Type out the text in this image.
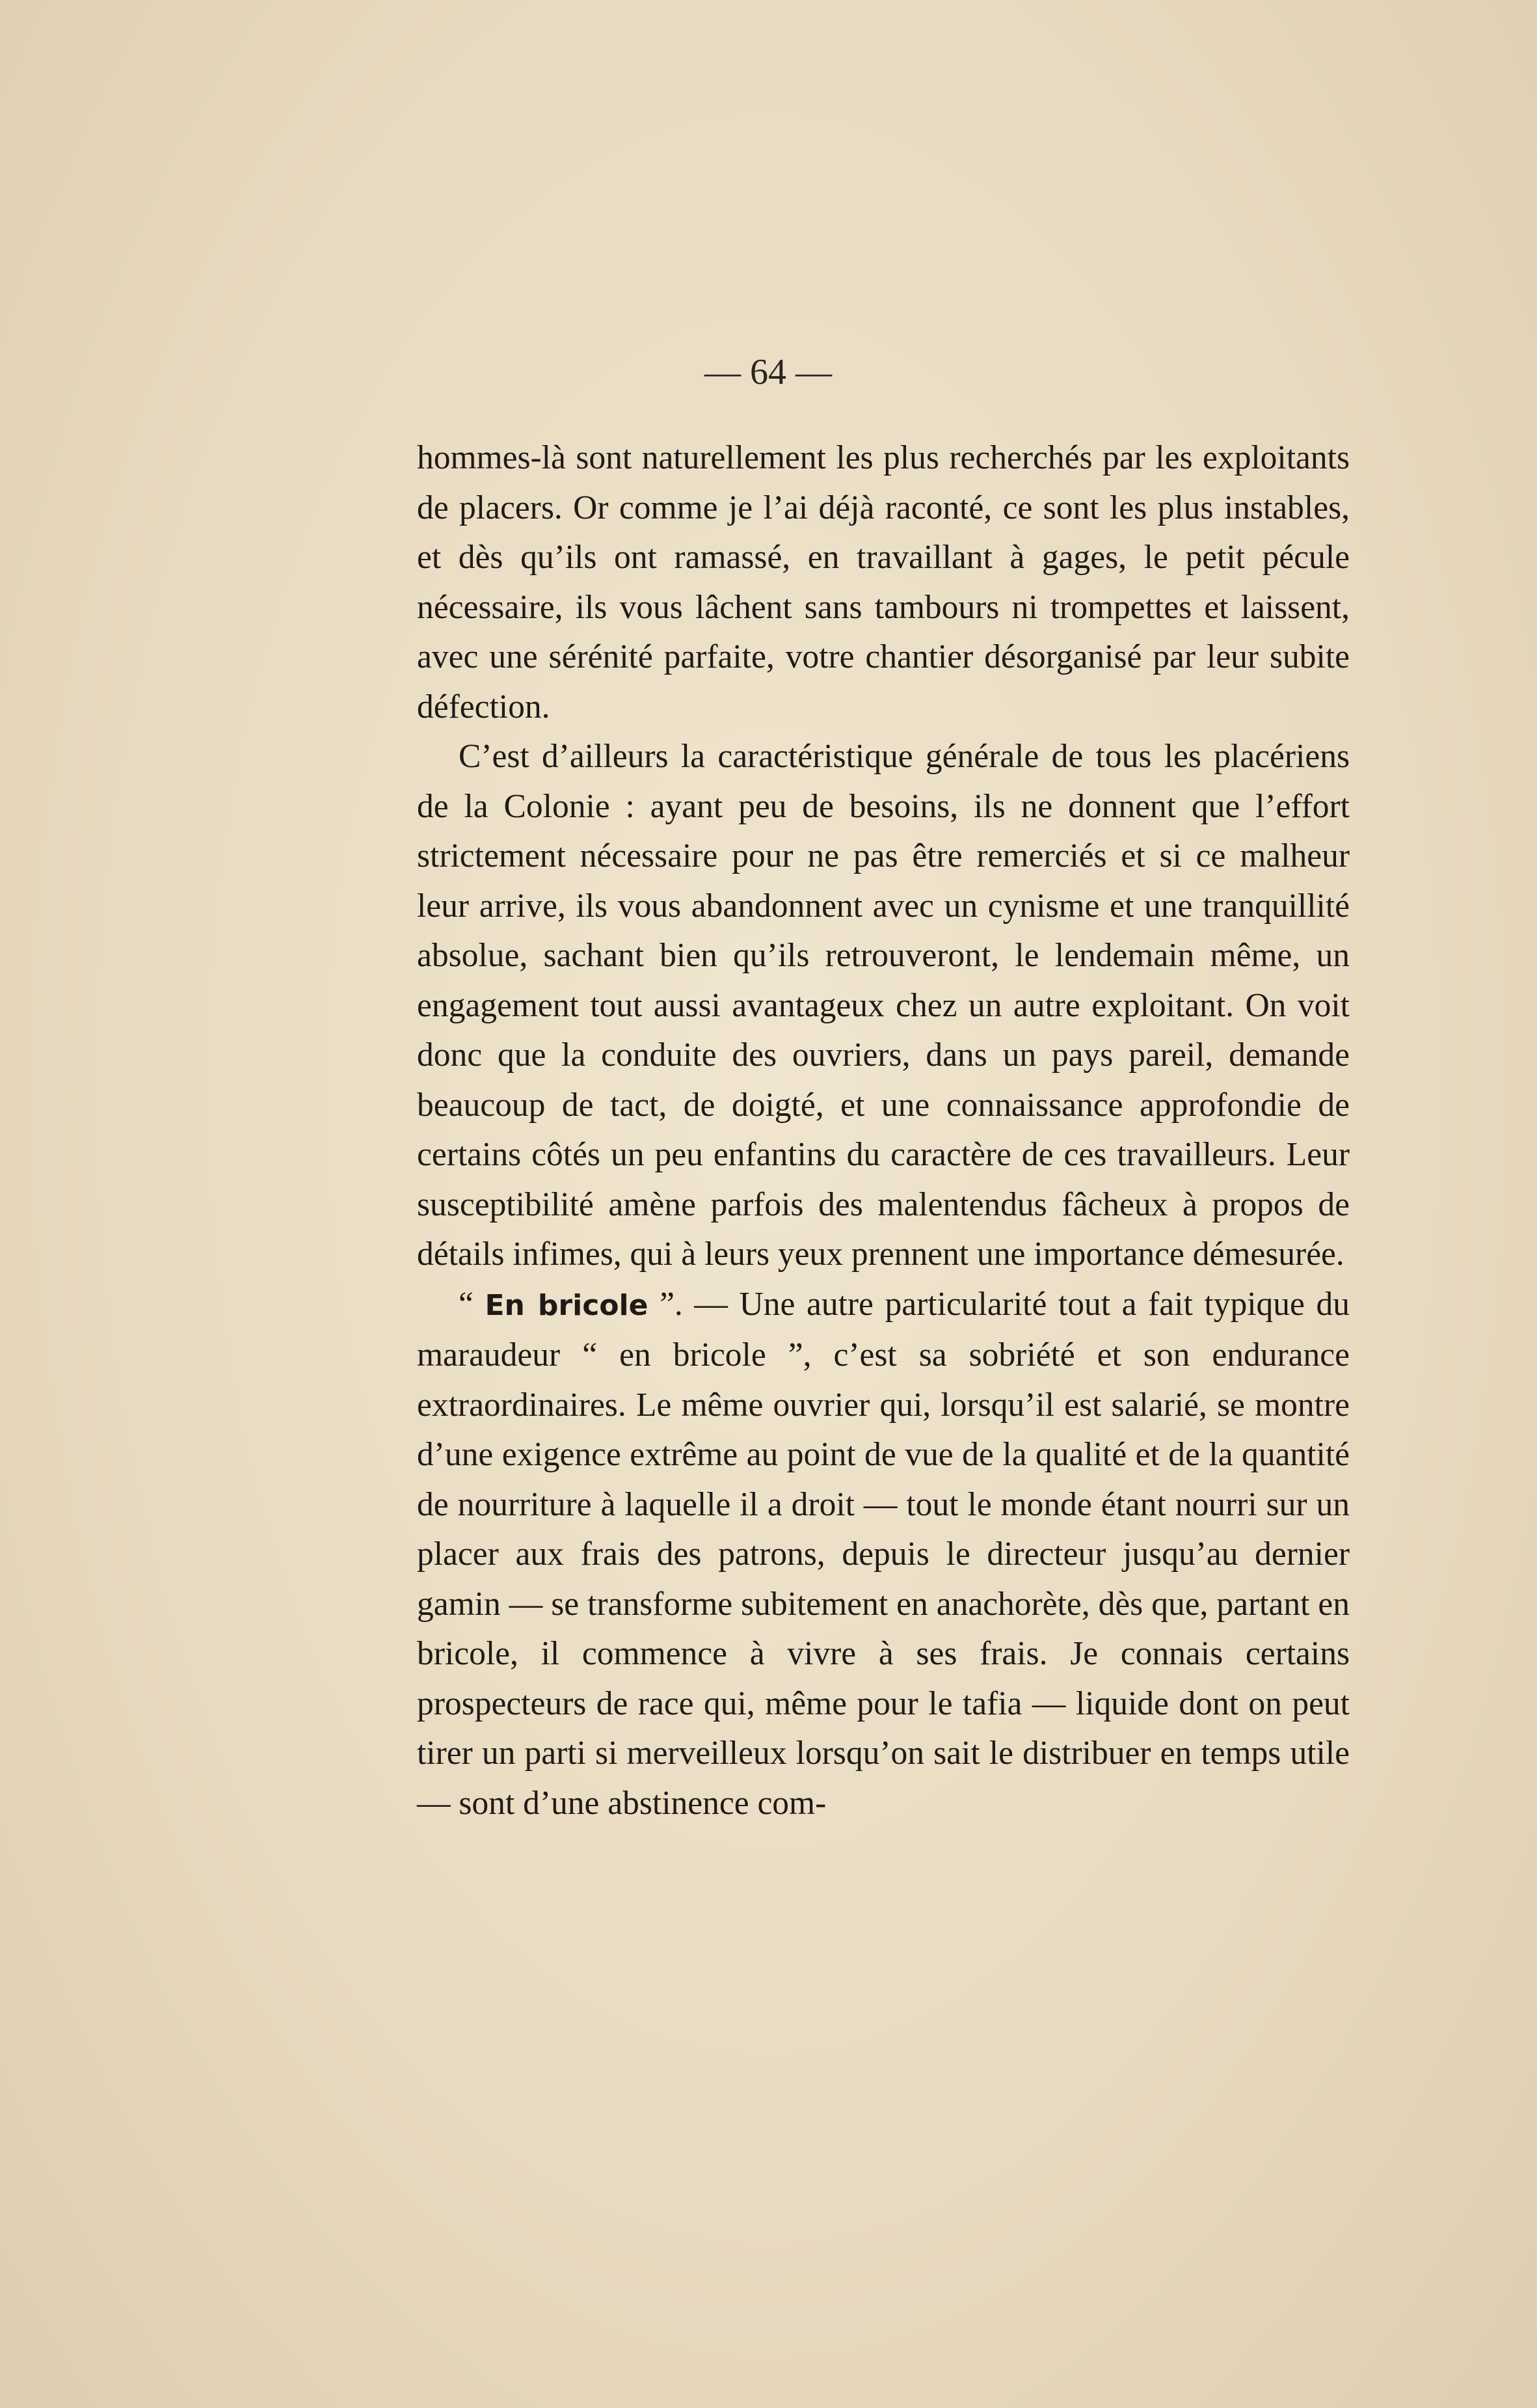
— 64 —

hommes-là sont naturellement les plus recherchés par les exploitants de placers. Or comme je l’ai déjà raconté, ce sont les plus instables, et dès qu’ils ont ramassé, en travaillant à gages, le petit pécule nécessaire, ils vous lâchent sans tambours ni trompettes et laissent, avec une sérénité parfaite, votre chantier désorganisé par leur subite défection.

C’est d’ailleurs la caractéristique générale de tous les placériens de la Colonie : ayant peu de besoins, ils ne donnent que l’effort strictement nécessaire pour ne pas être remerciés et si ce malheur leur arrive, ils vous abandonnent avec un cynisme et une tranquillité absolue, sachant bien qu’ils retrouveront, le lendemain même, un engagement tout aussi avantageux chez un autre exploitant. On voit donc que la conduite des ouvriers, dans un pays pareil, demande beaucoup de tact, de doigté, et une connaissance approfondie de certains côtés un peu enfantins du caractère de ces travailleurs. Leur susceptibilité amène parfois des malentendus fâcheux à propos de détails infimes, qui à leurs yeux prennent une importance démesurée.

“ En bricole ”. — Une autre particularité tout a fait typique du maraudeur “ en bricole ”, c’est sa sobriété et son endurance extraordinaires. Le même ouvrier qui, lorsqu’il est salarié, se montre d’une exigence extrême au point de vue de la qualité et de la quantité de nourriture à laquelle il a droit — tout le monde étant nourri sur un placer aux frais des patrons, depuis le directeur jusqu’au dernier gamin — se transforme subitement en anachorète, dès que, partant en bricole, il commence à vivre à ses frais. Je connais certains prospecteurs de race qui, même pour le tafia — liquide dont on peut tirer un parti si merveilleux lorsqu’on sait le distribuer en temps utile — sont d’une abstinence com-
